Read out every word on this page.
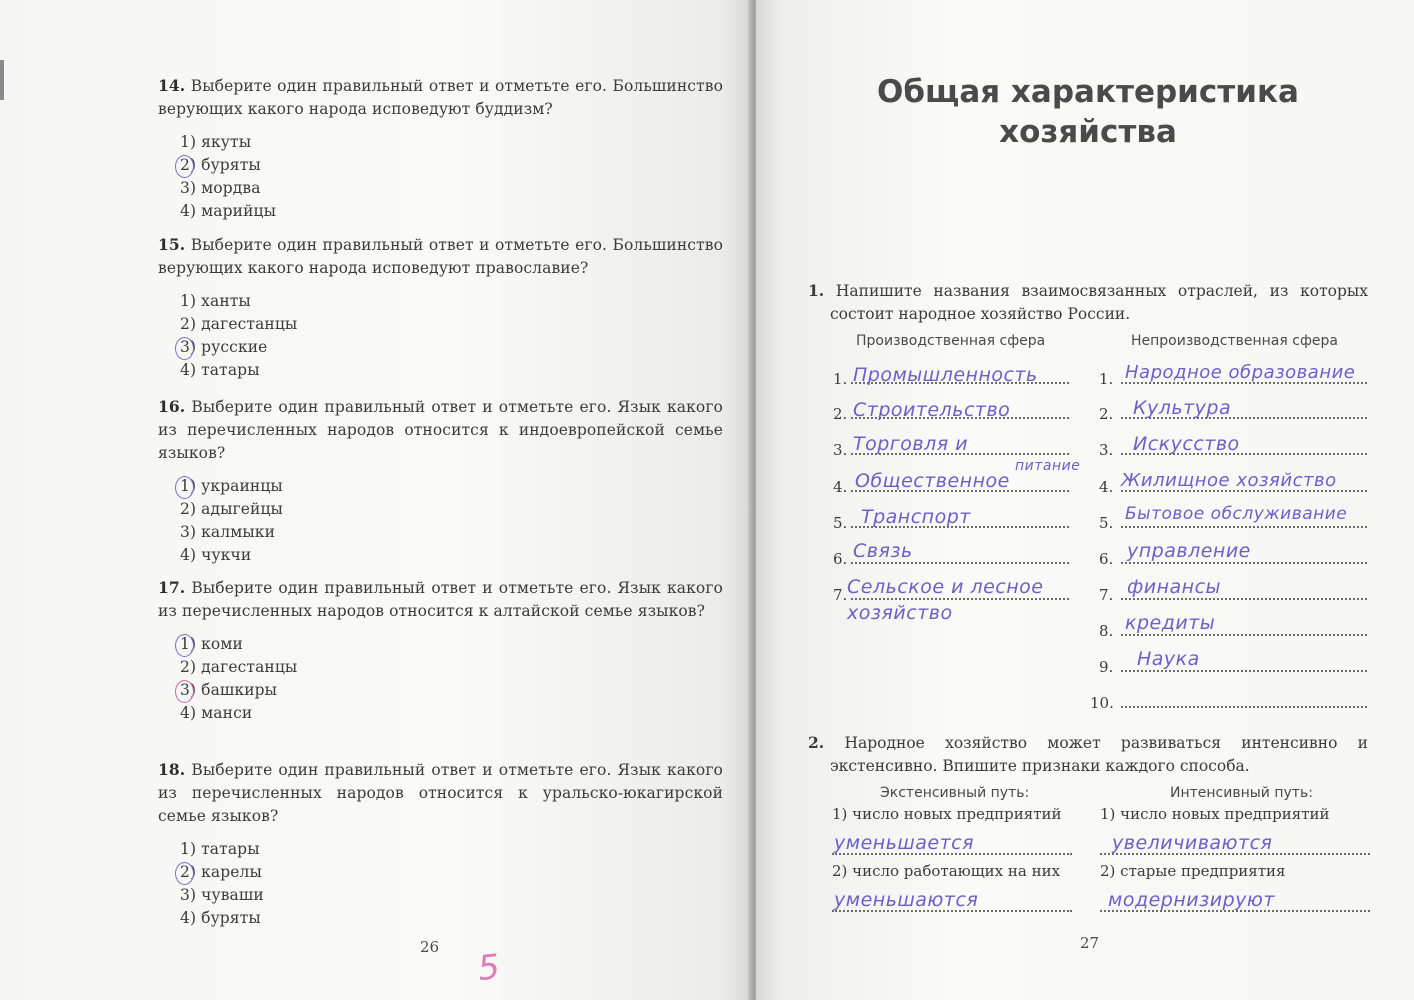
14. Выберите один правильный ответ и отметьте его. Большинство верующих какого народа исповедуют буддизм?

1) якуты
2) буряты
3) мордва
4) марийцы

15. Выберите один правильный ответ и отметьте его. Большинство верующих какого народа исповедуют православие?

1) ханты
2) дагестанцы
3) русские
4) татары

16. Выберите один правильный ответ и отметьте его. Язык какого из перечисленных народов относится к индоевропейской семье языков?

1) украинцы
2) адыгейцы
3) калмыки
4) чукчи

17. Выберите один правильный ответ и отметьте его. Язык какого из перечисленных народов относится к алтайской семье языков?

1) коми
2) дагестанцы
3) башкиры
4) манси

18. Выберите один правильный ответ и отметьте его. Язык какого из перечисленных народов относится к уральско-юкагирской семье языков?

1) татары
2) карелы
3) чуваши
4) буряты
26 5
Общая характеристика
хозяйства

1. Напишите названия взаимосвязанных отраслей, из которых состоит народное хозяйство России.

Производственная сфера	Непроизводственная сфера
1. Промышленность
2. Строительство
3. Торговля и
4. Общественное
питание
5. Транспорт
6. Связь
7. Сельское и лесное
хозяйство
1. Народное образование
2. Культура
3. Искусство
4. Жилищное хозяйство
5. Бытовое обслуживание
6. управление
7. финансы
8. кредиты
9. Наука
10.

2. Народное хозяйство может развиваться интенсивно и экстенсивно. Впишите признаки каждого способа.

Экстенсивный путь:	Интенсивный путь:
1) число новых предприятий
уменьшается
2) число работающих на них
уменьшаются
1) число новых предприятий
увеличиваются
2) старые предприятия
модернизируют
27
